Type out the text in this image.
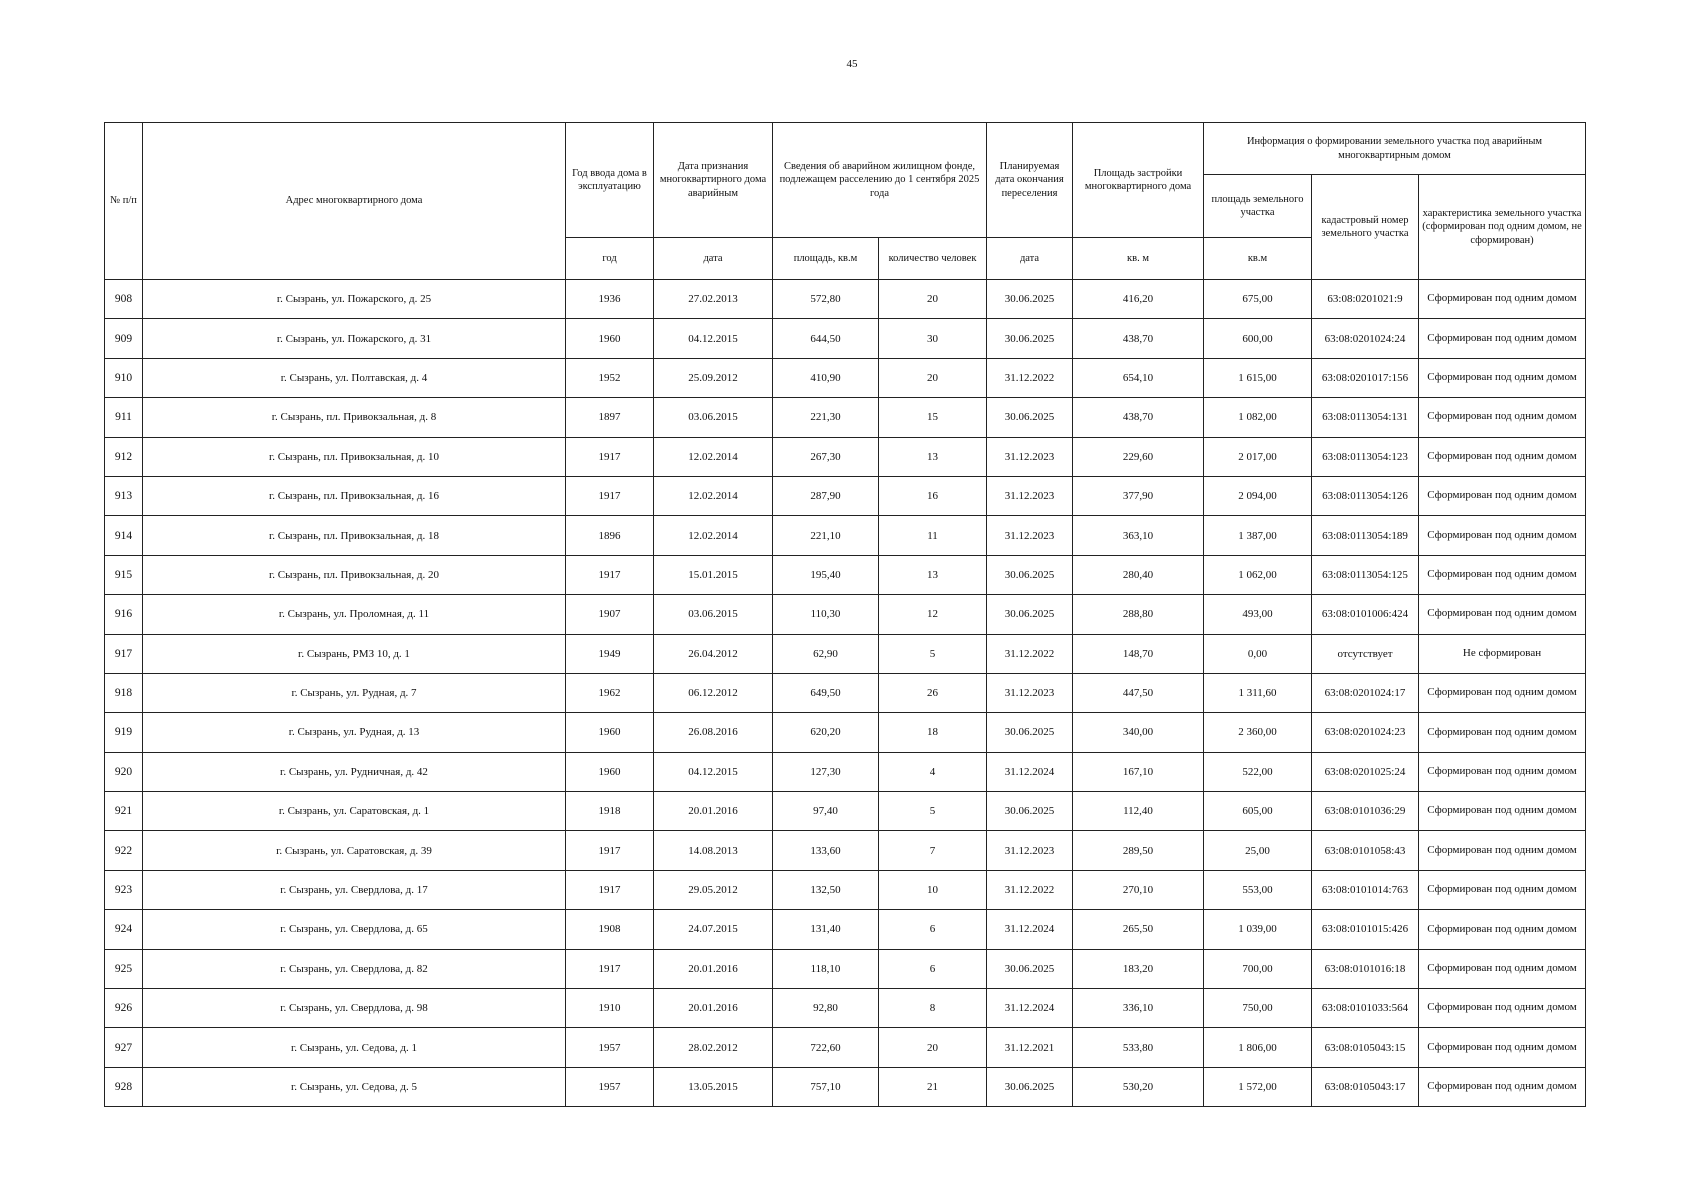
45
№ п/п	Адрес многоквартирного дома	Год ввода дома в эксплуатацию	Дата признания многоквартирного дома аварийным	Сведения об аварийном жилищном фонде, подлежащем расселению до 1 сентября 2025 года		Планируемая дата окончания переселения	Площадь застройки многоквартирного дома	Информация о формировании земельного участка под аварийным многоквартирным домом		
								площадь земельного участка	кадастровый номер земельного участка	характеристика земельного участка (сформирован под одним домом, не сформирован)
		год	дата	площадь, кв.м	количество человек	дата	кв. м	кв.м		
908	г. Сызрань, ул. Пожарского, д. 25	1936	27.02.2013	572,80	20	30.06.2025	416,20	675,00	63:08:0201021:9	Сформирован под одним домом
909	г. Сызрань, ул. Пожарского, д. 31	1960	04.12.2015	644,50	30	30.06.2025	438,70	600,00	63:08:0201024:24	Сформирован под одним домом
910	г. Сызрань, ул. Полтавская, д. 4	1952	25.09.2012	410,90	20	31.12.2022	654,10	1 615,00	63:08:0201017:156	Сформирован под одним домом
911	г. Сызрань, пл. Привокзальная, д. 8	1897	03.06.2015	221,30	15	30.06.2025	438,70	1 082,00	63:08:0113054:131	Сформирован под одним домом
912	г. Сызрань, пл. Привокзальная, д. 10	1917	12.02.2014	267,30	13	31.12.2023	229,60	2 017,00	63:08:0113054:123	Сформирован под одним домом
913	г. Сызрань, пл. Привокзальная, д. 16	1917	12.02.2014	287,90	16	31.12.2023	377,90	2 094,00	63:08:0113054:126	Сформирован под одним домом
914	г. Сызрань, пл. Привокзальная, д. 18	1896	12.02.2014	221,10	11	31.12.2023	363,10	1 387,00	63:08:0113054:189	Сформирован под одним домом
915	г. Сызрань, пл. Привокзальная, д. 20	1917	15.01.2015	195,40	13	30.06.2025	280,40	1 062,00	63:08:0113054:125	Сформирован под одним домом
916	г. Сызрань, ул. Проломная, д. 11	1907	03.06.2015	110,30	12	30.06.2025	288,80	493,00	63:08:0101006:424	Сформирован под одним домом
917	г. Сызрань, РМЗ 10, д. 1	1949	26.04.2012	62,90	5	31.12.2022	148,70	0,00	отсутствует	Не сформирован
918	г. Сызрань, ул. Рудная, д. 7	1962	06.12.2012	649,50	26	31.12.2023	447,50	1 311,60	63:08:0201024:17	Сформирован под одним домом
919	г. Сызрань, ул. Рудная, д. 13	1960	26.08.2016	620,20	18	30.06.2025	340,00	2 360,00	63:08:0201024:23	Сформирован под одним домом
920	г. Сызрань, ул. Рудничная, д. 42	1960	04.12.2015	127,30	4	31.12.2024	167,10	522,00	63:08:0201025:24	Сформирован под одним домом
921	г. Сызрань, ул. Саратовская, д. 1	1918	20.01.2016	97,40	5	30.06.2025	112,40	605,00	63:08:0101036:29	Сформирован под одним домом
922	г. Сызрань, ул. Саратовская, д. 39	1917	14.08.2013	133,60	7	31.12.2023	289,50	25,00	63:08:0101058:43	Сформирован под одним домом
923	г. Сызрань, ул. Свердлова, д. 17	1917	29.05.2012	132,50	10	31.12.2022	270,10	553,00	63:08:0101014:763	Сформирован под одним домом
924	г. Сызрань, ул. Свердлова, д. 65	1908	24.07.2015	131,40	6	31.12.2024	265,50	1 039,00	63:08:0101015:426	Сформирован под одним домом
925	г. Сызрань, ул. Свердлова, д. 82	1917	20.01.2016	118,10	6	30.06.2025	183,20	700,00	63:08:0101016:18	Сформирован под одним домом
926	г. Сызрань, ул. Свердлова, д. 98	1910	20.01.2016	92,80	8	31.12.2024	336,10	750,00	63:08:0101033:564	Сформирован под одним домом
927	г. Сызрань, ул. Седова, д. 1	1957	28.02.2012	722,60	20	31.12.2021	533,80	1 806,00	63:08:0105043:15	Сформирован под одним домом
928	г. Сызрань, ул. Седова, д. 5	1957	13.05.2015	757,10	21	30.06.2025	530,20	1 572,00	63:08:0105043:17	Сформирован под одним домом
